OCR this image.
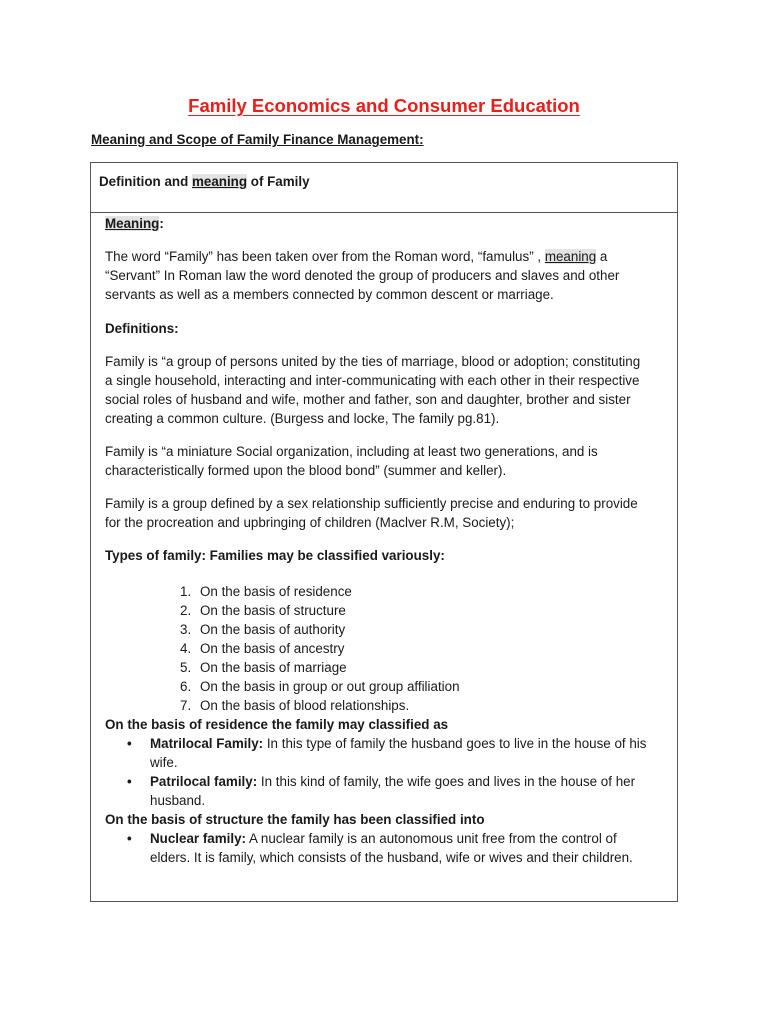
Family Economics and Consumer Education
Meaning and Scope of Family Finance Management:
Definition and meaning of Family

Meaning:

The word “Family” has been taken over from the Roman word, “famulus” , meaning a “Servant” In Roman law the word denoted the group of producers and slaves and other servants as well as a members connected by common descent or marriage.

Definitions:

Family is “a group of persons united by the ties of marriage, blood or adoption; constituting a single household, interacting and inter-communicating with each other in their respective social roles of husband and wife, mother and father, son and daughter, brother and sister creating a common culture. (Burgess and locke, The family pg.81).

Family is “a miniature Social organization, including at least two generations, and is characteristically formed upon the blood bond” (summer and keller).

Family is a group defined by a sex relationship sufficiently precise and enduring to provide for the procreation and upbringing of children (Maclver R.M, Society);

Types of family: Families may be classified variously:

1. On the basis of residence
2. On the basis of structure
3. On the basis of authority
4. On the basis of ancestry
5. On the basis of marriage
6. On the basis in group or out group affiliation
7. On the basis of blood relationships.

On the basis of residence the family may classified as

• Matrilocal Family: In this type of family the husband goes to live in the house of his wife.
• Patrilocal family: In this kind of family, the wife goes and lives in the house of her husband.

On the basis of structure the family has been classified into

• Nuclear family: A nuclear family is an autonomous unit free from the control of elders. It is family, which consists of the husband, wife or wives and their children.
